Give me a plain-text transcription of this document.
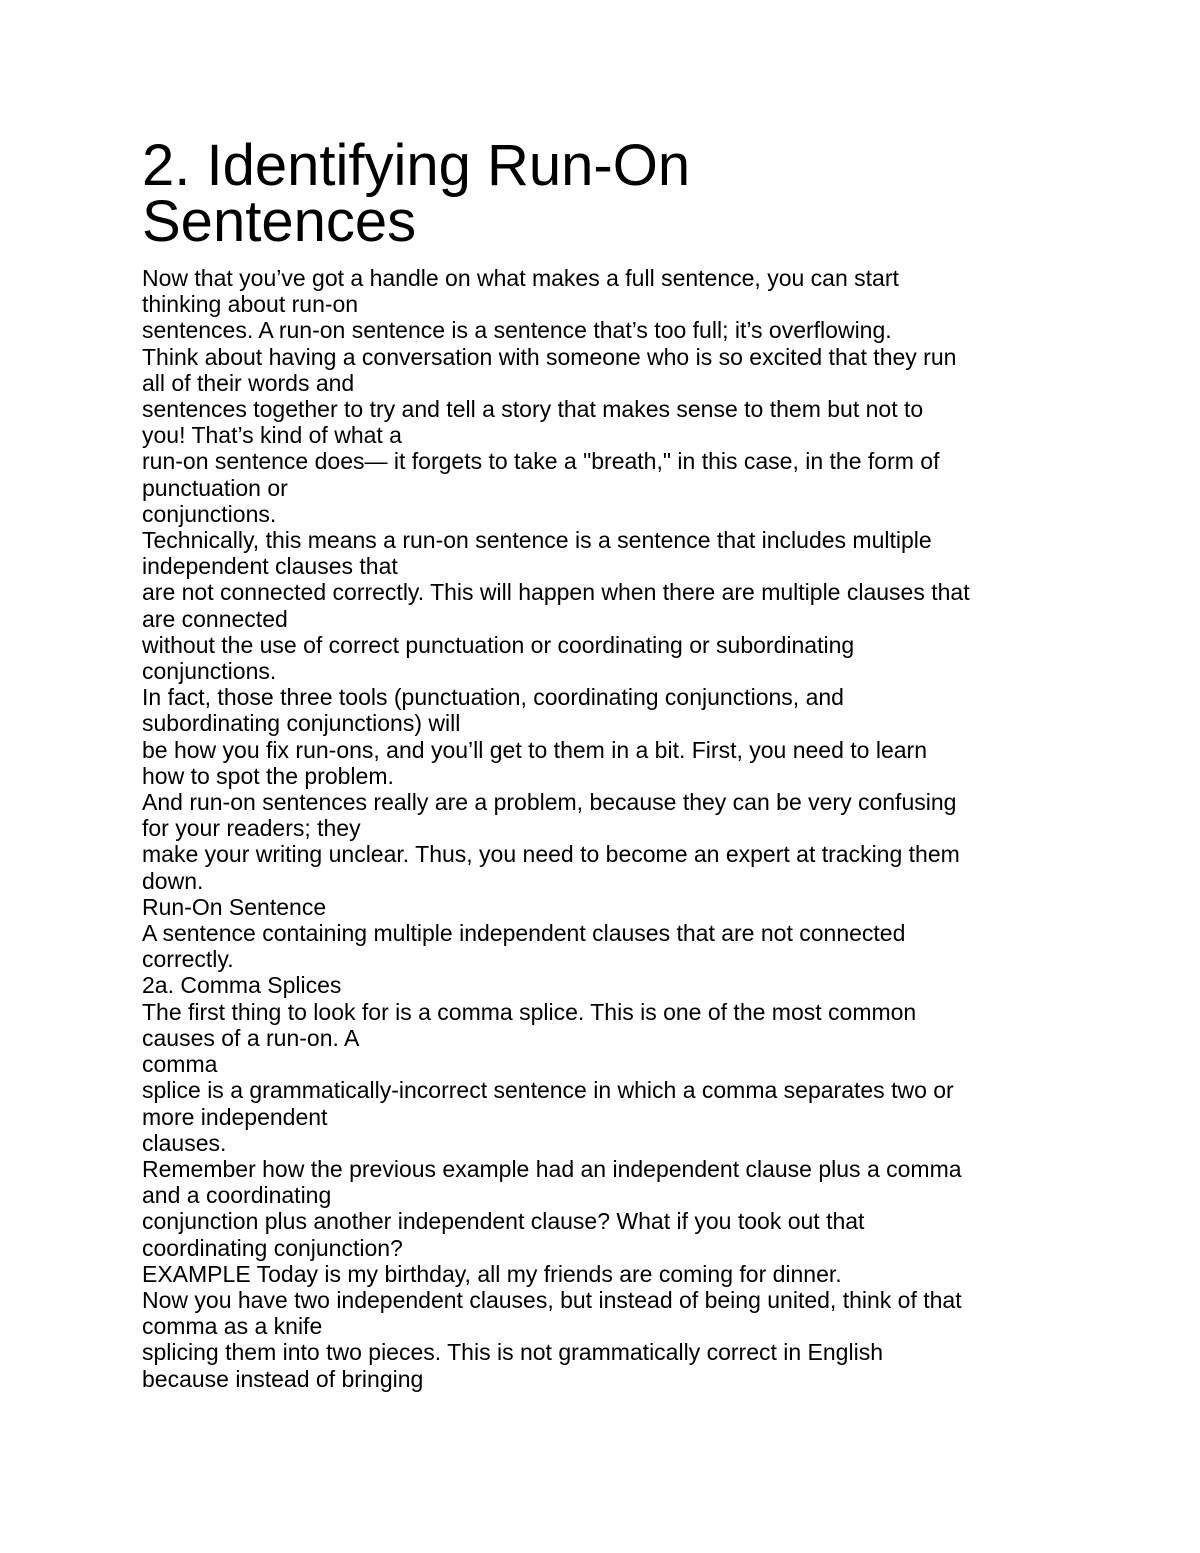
2. Identifying Run-On
Sentences
Now that you’ve got a handle on what makes a full sentence, you can start
thinking about run-on
sentences. A run-on sentence is a sentence that’s too full; it’s overflowing.
Think about having a conversation with someone who is so excited that they run
all of their words and
sentences together to try and tell a story that makes sense to them but not to
you! That’s kind of what a
run-on sentence does— it forgets to take a "breath," in this case, in the form of
punctuation or
conjunctions.
Technically, this means a run-on sentence is a sentence that includes multiple
independent clauses that
are not connected correctly. This will happen when there are multiple clauses that
are connected
without the use of correct punctuation or coordinating or subordinating
conjunctions.
In fact, those three tools (punctuation, coordinating conjunctions, and
subordinating conjunctions) will
be how you fix run-ons, and you’ll get to them in a bit. First, you need to learn
how to spot the problem.
And run-on sentences really are a problem, because they can be very confusing
for your readers; they
make your writing unclear. Thus, you need to become an expert at tracking them
down.
Run-On Sentence
A sentence containing multiple independent clauses that are not connected
correctly.
2a. Comma Splices
The first thing to look for is a comma splice. This is one of the most common
causes of a run-on. A
comma
splice is a grammatically-incorrect sentence in which a comma separates two or
more independent
clauses.
Remember how the previous example had an independent clause plus a comma
and a coordinating
conjunction plus another independent clause? What if you took out that
coordinating conjunction?
EXAMPLE Today is my birthday, all my friends are coming for dinner.
Now you have two independent clauses, but instead of being united, think of that
comma as a knife
splicing them into two pieces. This is not grammatically correct in English
because instead of bringing
